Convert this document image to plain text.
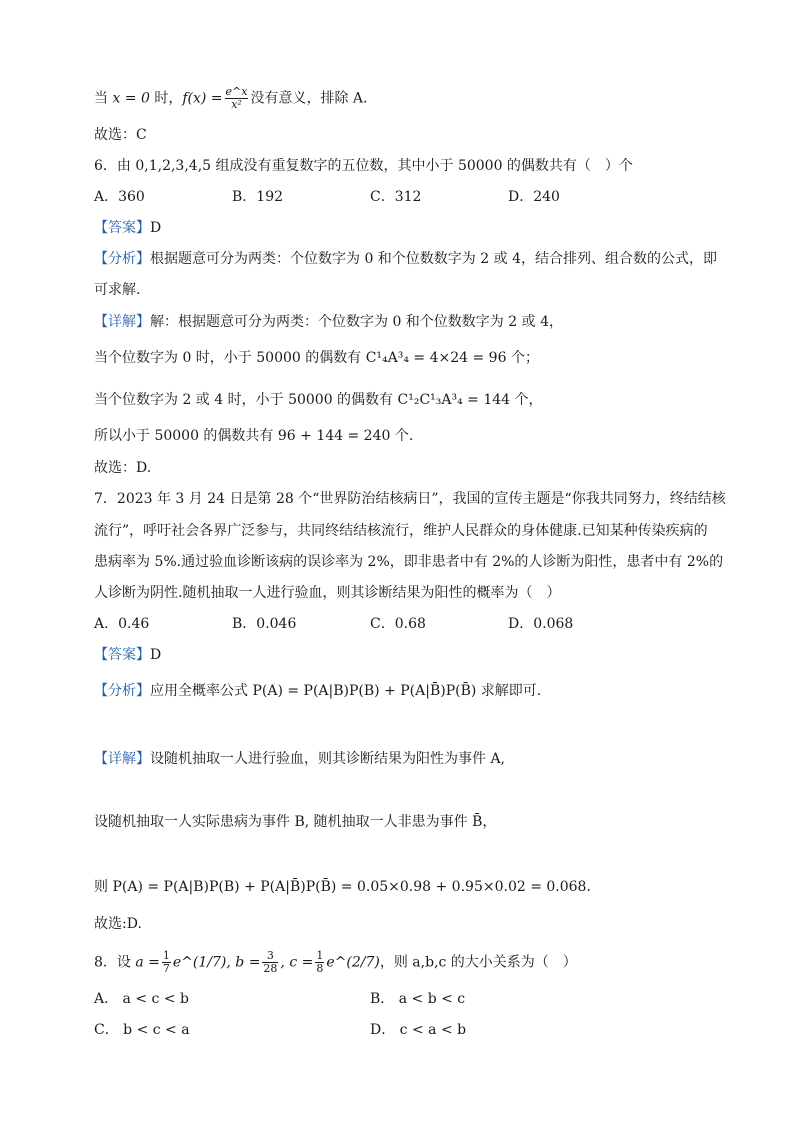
当 x = 0 时，$f(x) = \frac{e\^{}x}{\text{x²}}$ 没有意义，排除 A.
故选：C
6．由 0,1,2,3,4,5 组成没有重复数字的五位数，其中小于 50000 的偶数共有（　）个
A．360	B．192	C．312	D．240
【答案】D
【分析】根据题意可分为两类：个位数字为 0 和个位数数字为 2 或 4，结合排列、组合数的公式，即
可求解.
【详解】解：根据题意可分为两类：个位数字为 0 和个位数数字为 2 或 4，
当个位数字为 0 时，小于 50000 的偶数有 C¹₄A³₄ = 4×24 = 96 个；
当个位数字为 2 或 4 时，小于 50000 的偶数有 C¹₂C¹₃A³₄ = 144 个，
所以小于 50000 的偶数共有 96 + 144 = 240 个.
故选：D.
7．2023 年 3 月 24 日是第 28 个“世界防治结核病日”，我国的宣传主题是“你我共同努力，终结结核
流行”，呼吁社会各界广泛参与，共同终结结核流行，维护人民群众的身体健康.已知某种传染疾病的
患病率为 5%.通过验血诊断该病的误诊率为 2%，即非患者中有 2%的人诊断为阳性，患者中有 2%的
人诊断为阴性.随机抽取一人进行验血，则其诊断结果为阳性的概率为（　）
A．0.46	B．0.046	C．0.68	D．0.068
【答案】D
【分析】应用全概率公式 P(A) = P(A|B)P(B) + P(A|B̄)P(B̄) 求解即可.
【详解】设随机抽取一人进行验血，则其诊断结果为阳性为事件 A,
设随机抽取一人实际患病为事件 B, 随机抽取一人非患为事件 B̄，
则 P(A) = P(A|B)P(B) + P(A|B̄)P(B̄) = 0.05×0.98 + 0.95×0.02 = 0.068.
故选:D.
8．设 $a = \frac{1}{7}$ e^(1/7), $b = \frac{3}{28}$ , $c = \frac{1}{8}$ e^(2/7)，则 a,b,c 的大小关系为（　）
A． a < c < b	B． a < b < c
C． b < c < a	D． c < a < b
